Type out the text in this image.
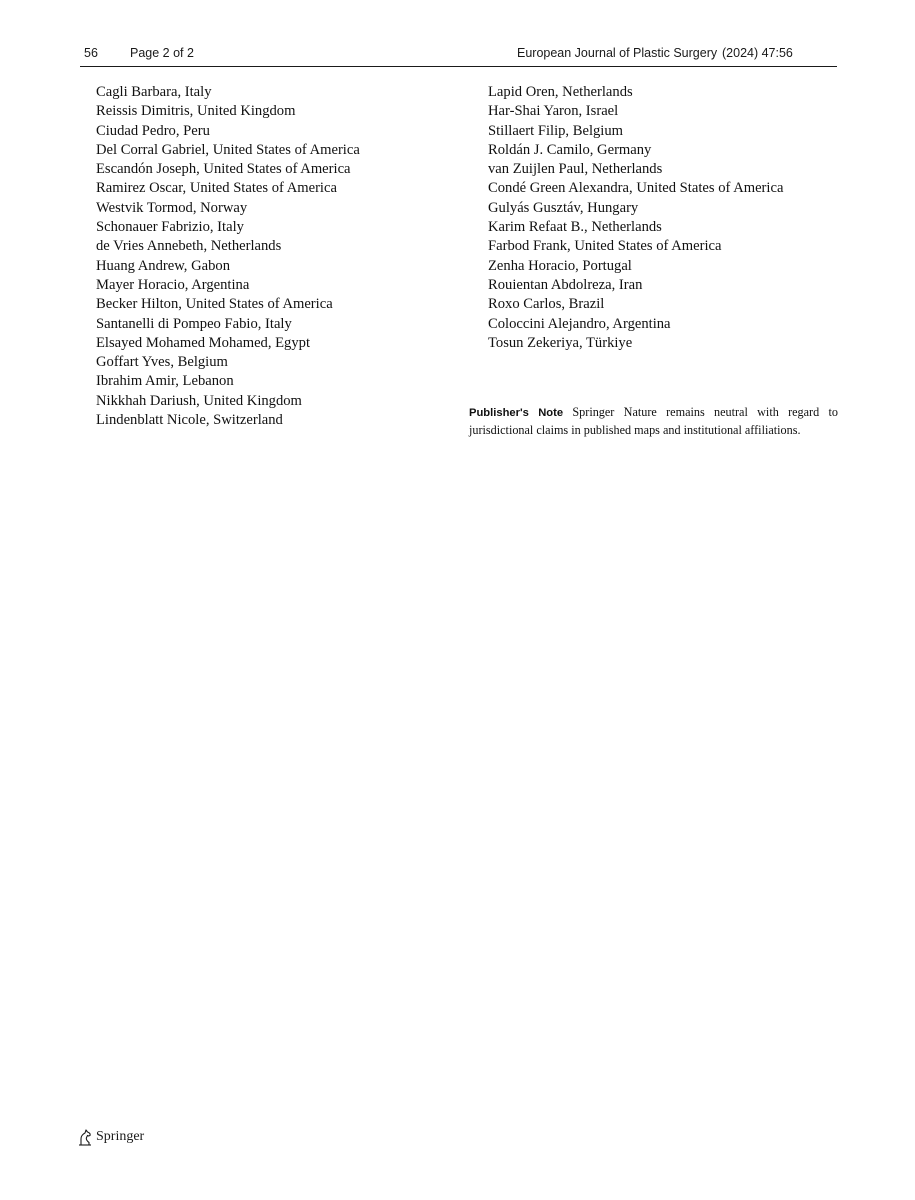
56	Page 2 of 2	European Journal of Plastic Surgery (2024) 47:56
Cagli Barbara, Italy
Reissis Dimitris, United Kingdom
Ciudad Pedro, Peru
Del Corral Gabriel, United States of America
Escandón Joseph, United States of America
Ramirez Oscar, United States of America
Westvik Tormod, Norway
Schonauer Fabrizio, Italy
de Vries Annebeth, Netherlands
Huang Andrew, Gabon
Mayer Horacio, Argentina
Becker Hilton, United States of America
Santanelli di Pompeo Fabio, Italy
Elsayed Mohamed Mohamed, Egypt
Goffart Yves, Belgium
Ibrahim Amir, Lebanon
Nikkhah Dariush, United Kingdom
Lindenblatt Nicole, Switzerland
Lapid Oren, Netherlands
Har-Shai Yaron, Israel
Stillaert Filip, Belgium
Roldán J. Camilo, Germany
van Zuijlen Paul, Netherlands
Condé Green Alexandra, United States of America
Gulyás Gusztáv, Hungary
Karim Refaat B., Netherlands
Farbod Frank, United States of America
Zenha Horacio, Portugal
Rouientan Abdolreza, Iran
Roxo Carlos, Brazil
Coloccini Alejandro, Argentina
Tosun Zekeriya, Türkiye

Publisher's Note Springer Nature remains neutral with regard to jurisdictional claims in published maps and institutional affiliations.

Springer
